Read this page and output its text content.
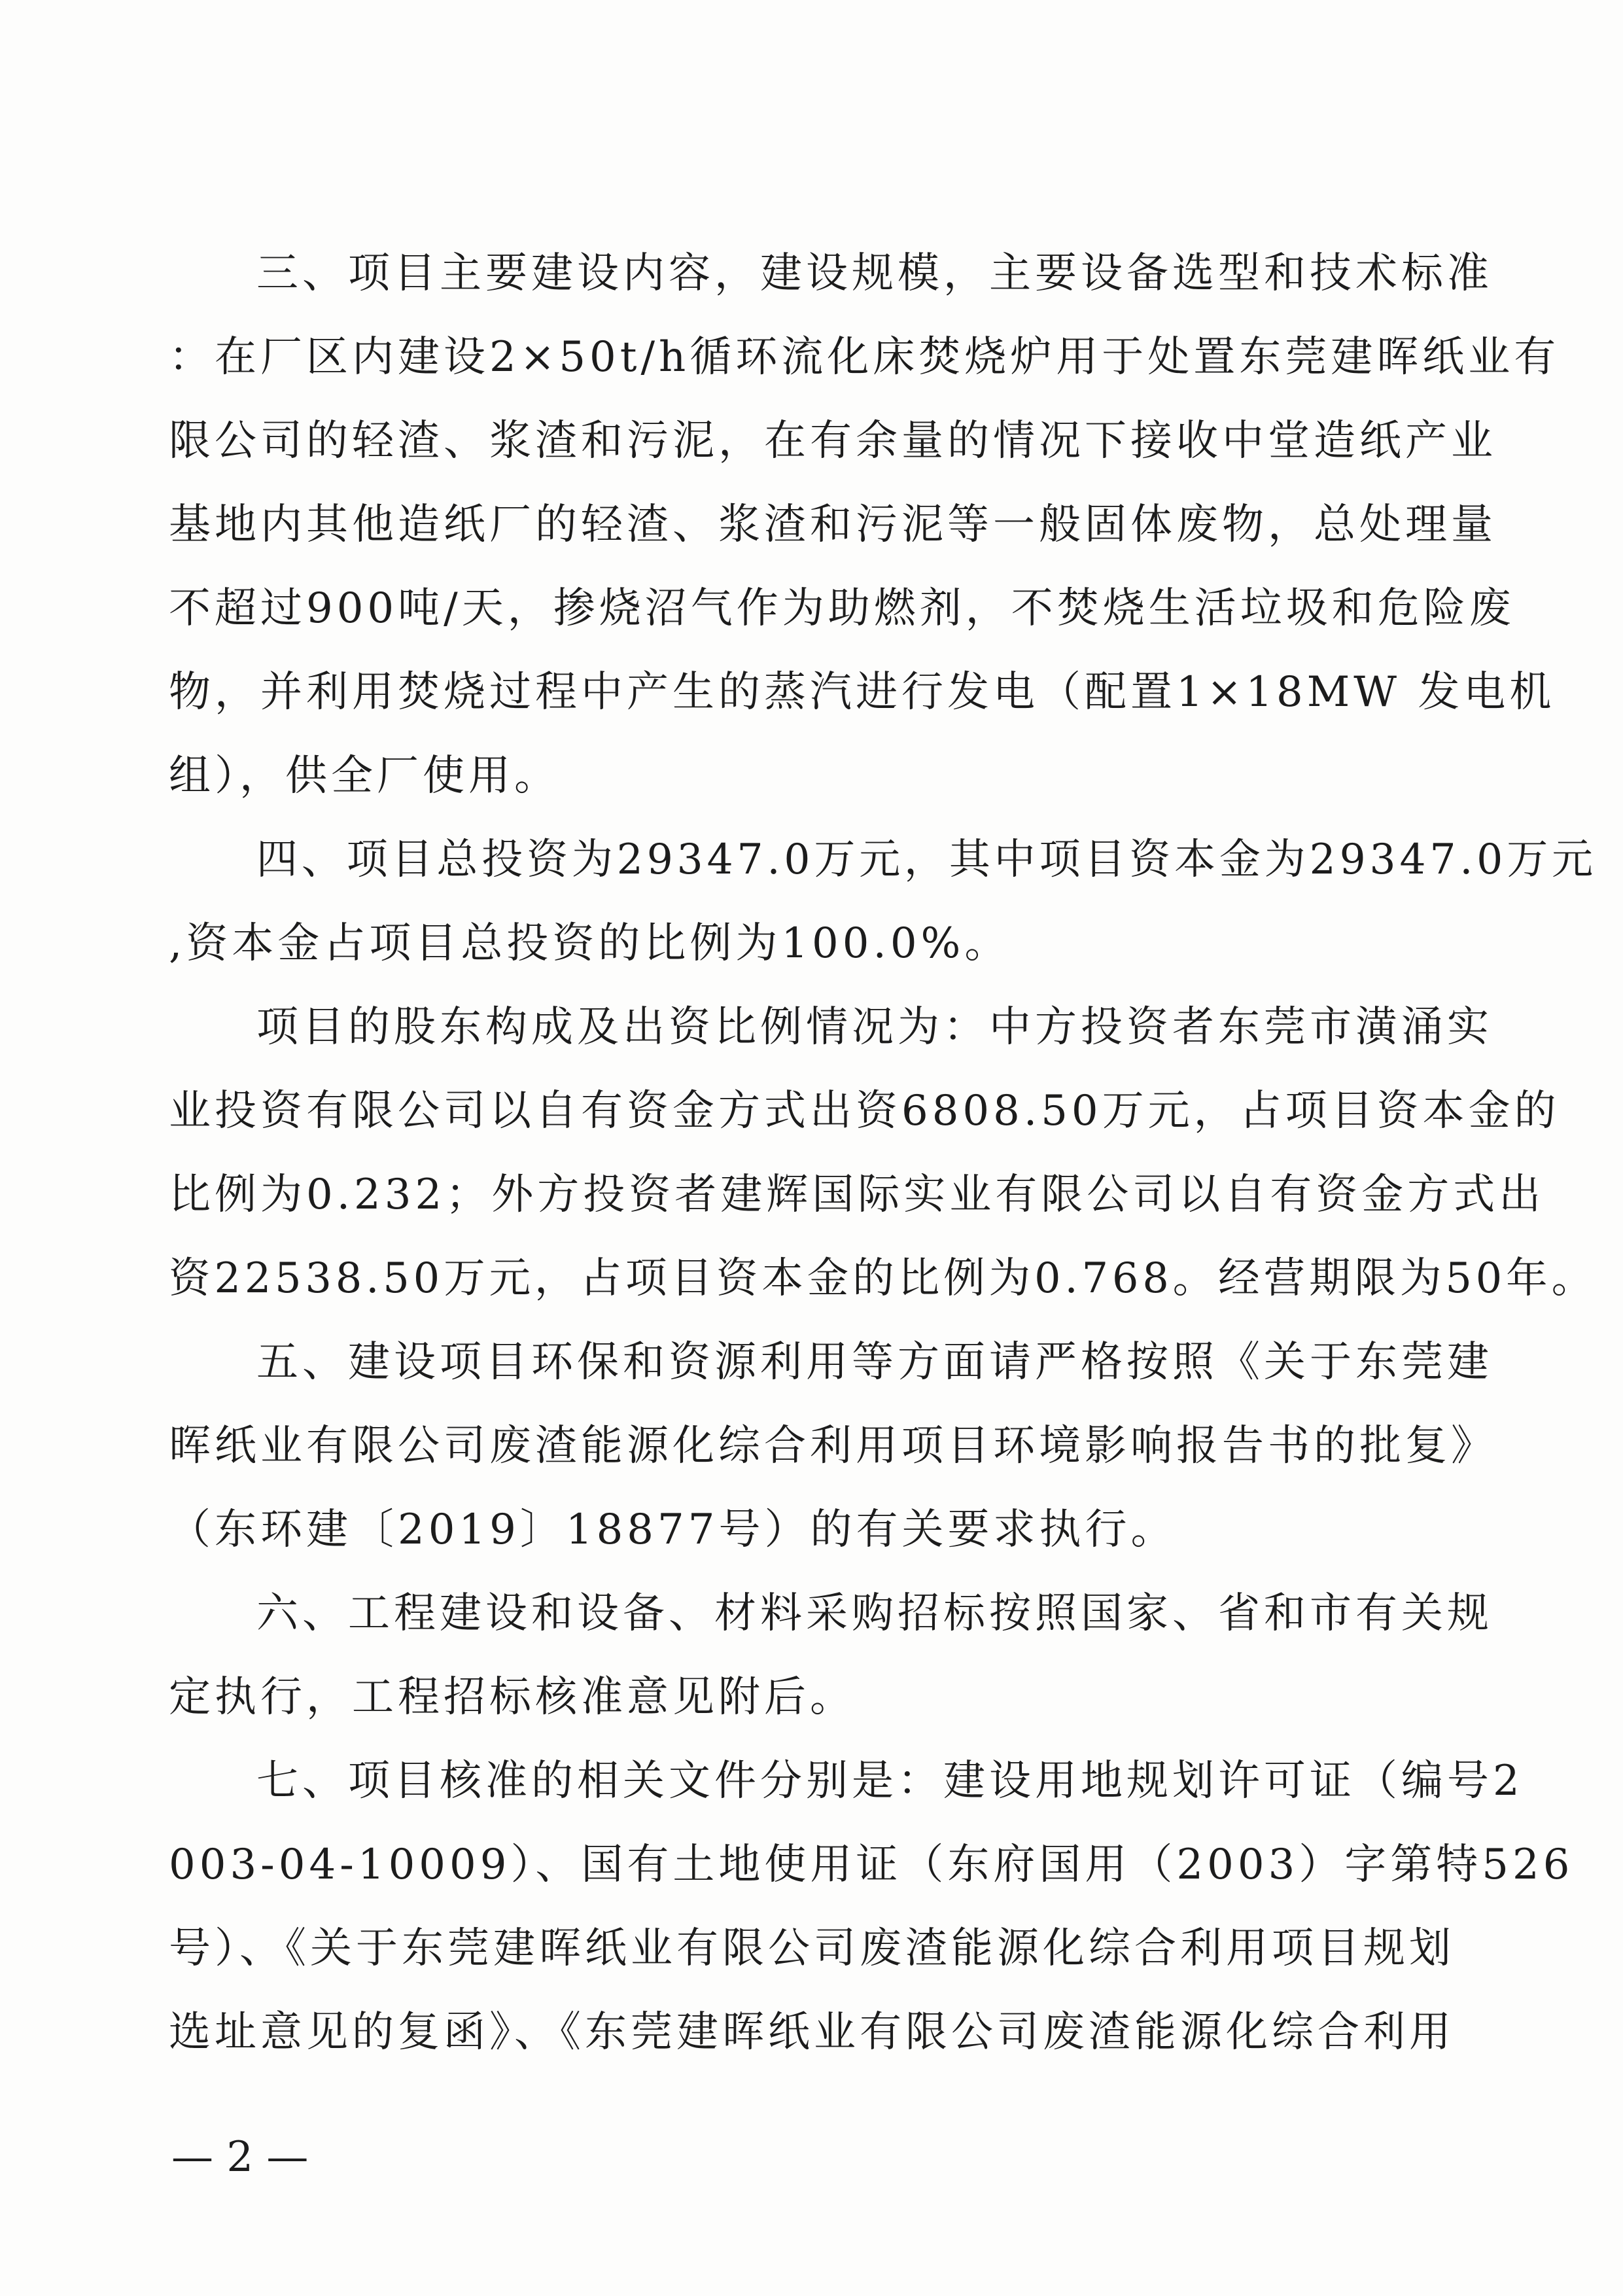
三、项目主要建设内容，建设规模，主要设备选型和技术标准
：在厂区内建设2×50t/h循环流化床焚烧炉用于处置东莞建晖纸业有
限公司的轻渣、浆渣和污泥，在有余量的情况下接收中堂造纸产业
基地内其他造纸厂的轻渣、浆渣和污泥等一般固体废物，总处理量
不超过900吨/天，掺烧沼气作为助燃剂，不焚烧生活垃圾和危险废
物，并利用焚烧过程中产生的蒸汽进行发电（配置1×18MW 发电机
组），供全厂使用。
四、项目总投资为29347.0万元，其中项目资本金为29347.0万元
,资本金占项目总投资的比例为100.0%。
项目的股东构成及出资比例情况为：中方投资者东莞市潢涌实
业投资有限公司以自有资金方式出资6808.50万元，占项目资本金的
比例为0.232；外方投资者建辉国际实业有限公司以自有资金方式出
资22538.50万元，占项目资本金的比例为0.768。经营期限为50年。
五、建设项目环保和资源利用等方面请严格按照《关于东莞建
晖纸业有限公司废渣能源化综合利用项目环境影响报告书的批复》
（东环建〔2019〕18877号）的有关要求执行。
六、工程建设和设备、材料采购招标按照国家、省和市有关规
定执行，工程招标核准意见附后。
七、项目核准的相关文件分别是：建设用地规划许可证（编号2
003-04-10009）、国有土地使用证（东府国用（2003）字第特526
号）、《关于东莞建晖纸业有限公司废渣能源化综合利用项目规划
选址意见的复函》、《东莞建晖纸业有限公司废渣能源化综合利用
— 2 —
